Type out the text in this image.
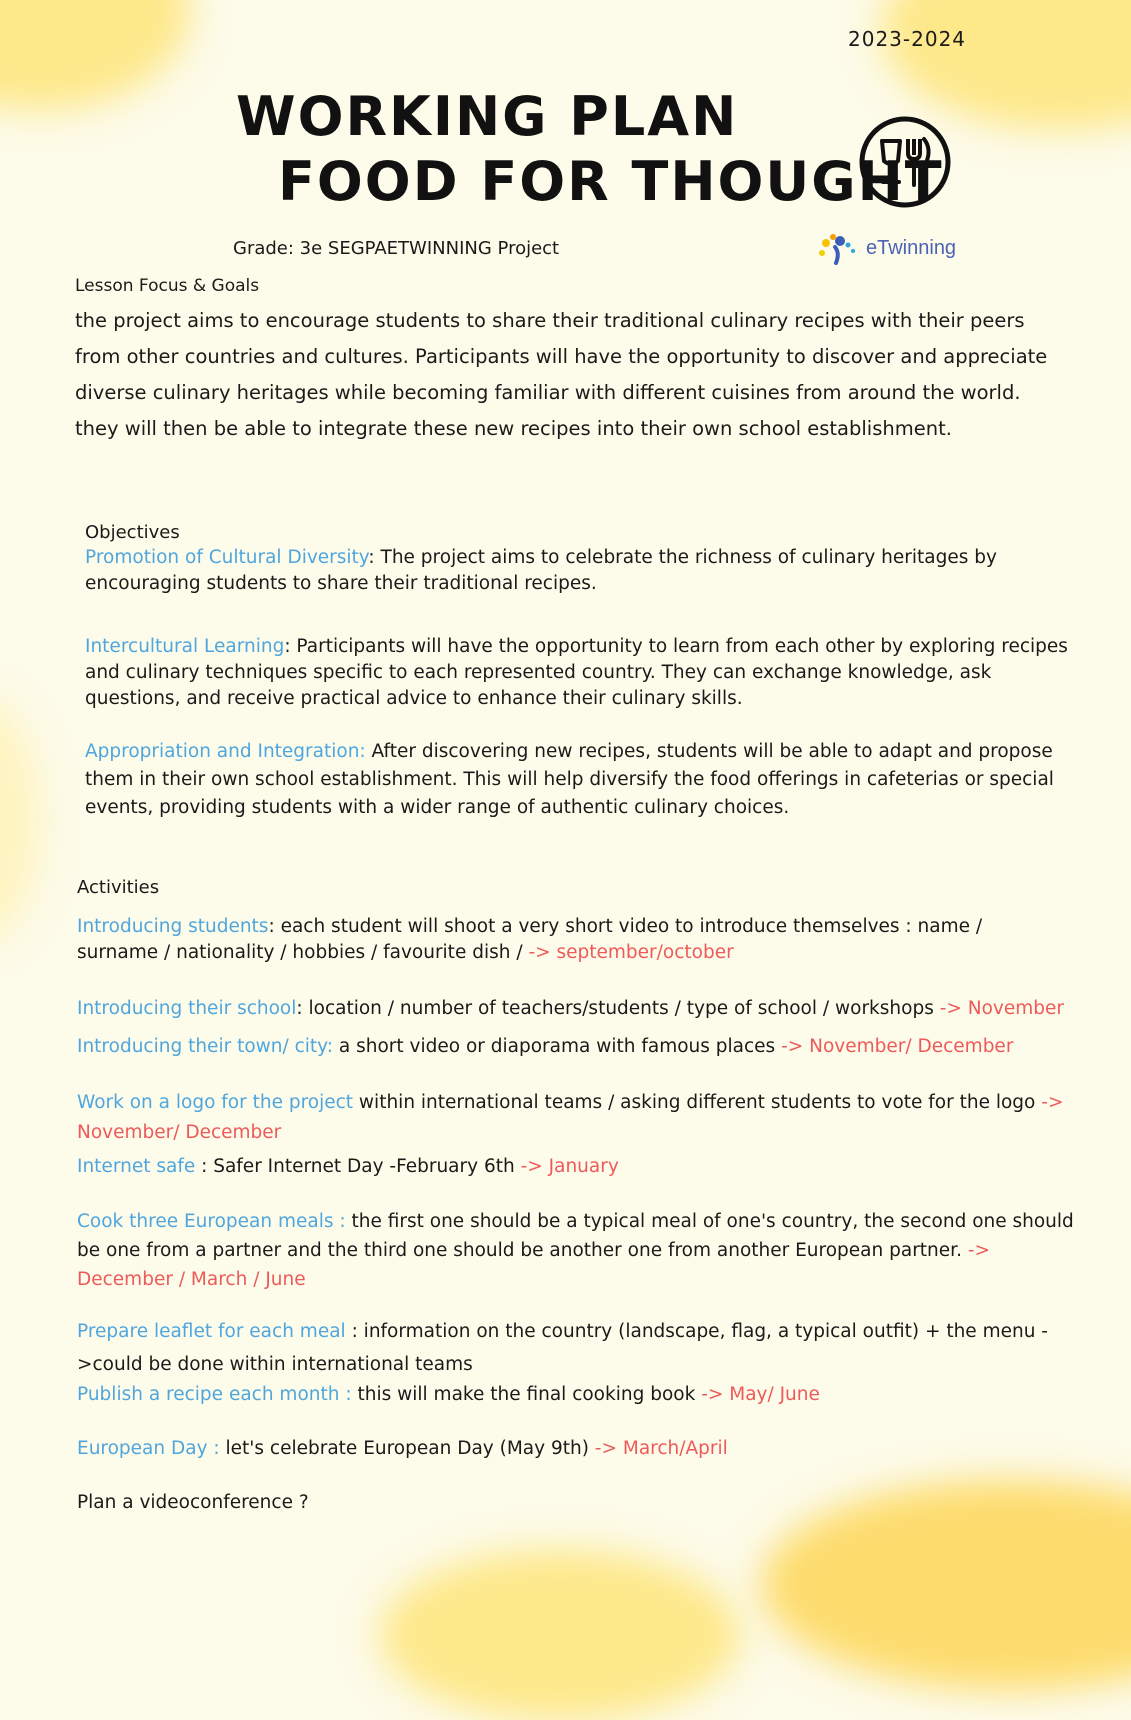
2023-2024
WORKING PLAN
FOOD FOR THOUGHT
eTwinning
Grade: 3e SEGPAETWINNING Project
Lesson Focus & Goals
the project aims to encourage students to share their traditional culinary recipes with their peers from other countries and cultures. Participants will have the opportunity to discover and appreciate diverse culinary heritages while becoming familiar with different cuisines from around the world. they will then be able to integrate these new recipes into their own school establishment.
Objectives
Promotion of Cultural Diversity: The project aims to celebrate the richness of culinary heritages by encouraging students to share their traditional recipes.
Intercultural Learning: Participants will have the opportunity to learn from each other by exploring recipes and culinary techniques specific to each represented country. They can exchange knowledge, ask questions, and receive practical advice to enhance their culinary skills.
Appropriation and Integration: After discovering new recipes, students will be able to adapt and propose them in their own school establishment. This will help diversify the food offerings in cafeterias or special events, providing students with a wider range of authentic culinary choices.
Activities
Introducing students: each student will shoot a very short video to introduce themselves : name / surname / nationality / hobbies / favourite dish / -> september/october
Introducing their school: location / number of teachers/students / type of school / workshops -> November
Introducing their town/ city: a short video or diaporama with famous places -> November/ December
Work on a logo for the project within international teams / asking different students to vote for the logo -> November/ December
Internet safe : Safer Internet Day -February 6th -> January
Cook three European meals : the first one should be a typical meal of one's country, the second one should be one from a partner and the third one should be another one from another European partner. -> December / March / June
Prepare leaflet for each meal : information on the country (landscape, flag, a typical outfit) + the menu ->could be done within international teams
Publish a recipe each month : this will make the final cooking book -> May/ June
European Day : let's celebrate European Day (May 9th) -> March/April
Plan a videoconference ?
